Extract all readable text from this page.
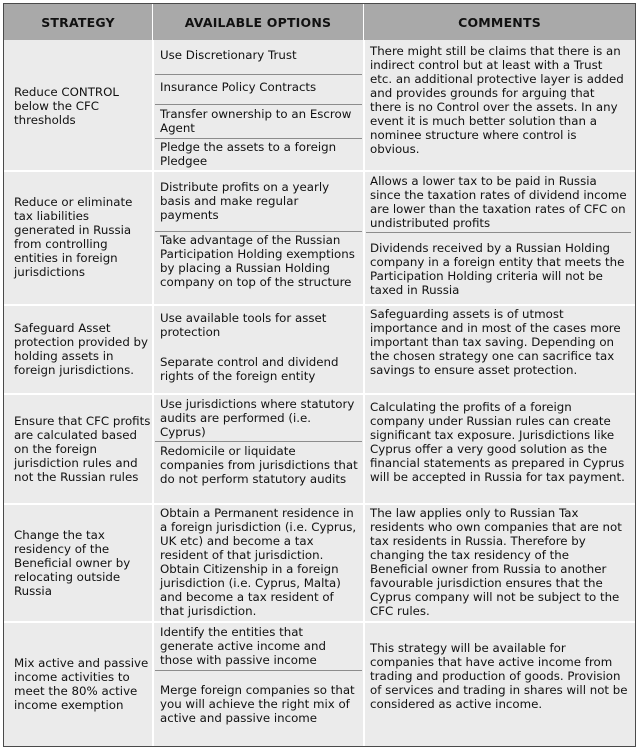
STRATEGY	AVAILABLE OPTIONS	COMMENTS
Reduce CONTROL below the CFC thresholds
Use Discretionary Trust
Insurance Policy Contracts
Transfer ownership to an Escrow Agent
Pledge the assets to a foreign Pledgee
There might still be claims that there is an indirect control but at least with a Trust etc. an additional protective layer is added and provides grounds for arguing that there is no Control over the assets. In any event it is much better solution than a nominee structure where control is obvious.
Reduce or eliminate tax liabilities generated in Russia from controlling entities in foreign jurisdictions
Distribute profits on a yearly basis and make regular payments
Take advantage of the Russian Participation Holding exemptions by placing a Russian Holding company on top of the structure
Allows a lower tax to be paid in Russia since the taxation rates of dividend income are lower than the taxation rates of CFC on undistributed profits
Dividends received by a Russian Holding company in a foreign entity that meets the Participation Holding criteria will not be taxed in Russia
Safeguard Asset protection provided by holding assets in foreign jurisdictions.
Use available tools for asset protection
Separate control and dividend rights of the foreign entity
Safeguarding assets is of utmost importance and in most of the cases more important than tax saving. Depending on the chosen strategy one can sacrifice tax savings to ensure asset protection.
Ensure that CFC profits are calculated based on the foreign jurisdiction rules and not the Russian rules
Use jurisdictions where statutory audits are performed (i.e. Cyprus)
Redomicile or liquidate companies from jurisdictions that do not perform statutory audits
Calculating the profits of a foreign company under Russian rules can create significant tax exposure. Jurisdictions like Cyprus offer a very good solution as the financial statements as prepared in Cyprus will be accepted in Russia for tax payment.
Change the tax residency of the Beneficial owner by relocating outside Russia
Obtain a Permanent residence in a foreign jurisdiction (i.e. Cyprus, UK etc) and become a tax resident of that jurisdiction. Obtain Citizenship in a foreign jurisdiction (i.e. Cyprus, Malta) and become a tax resident of that jurisdiction.
The law applies only to Russian Tax residents who own companies that are not tax residents in Russia. Therefore by changing the tax residency of the Beneficial owner from Russia to another favourable jurisdiction ensures that the Cyprus company will not be subject to the CFC rules.
Mix active and passive income activities to meet the 80% active income exemption
Identify the entities that generate active income and those with passive income
Merge foreign companies so that you will achieve the right mix of active and passive income
This strategy will be available for companies that have active income from trading and production of goods. Provision of services and trading in shares will not be considered as active income.
